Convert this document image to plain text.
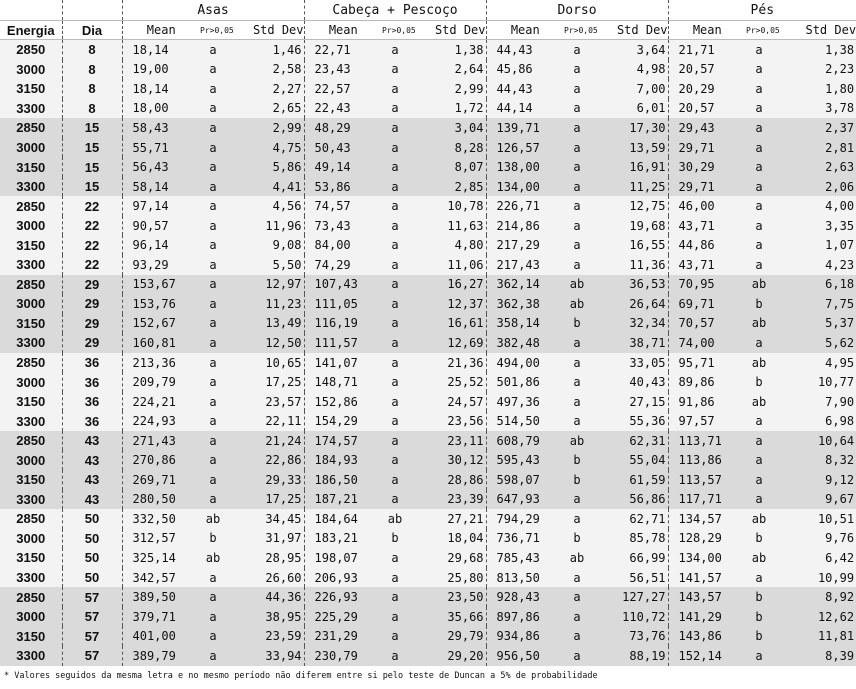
		Asas			Cabeça + Pescoço			Dorso			Pés		
Energia	Dia	Mean	Pr>0,05	Std Dev	Mean	Pr>0,05	Std Dev	Mean	Pr>0,05	Std Dev	Mean	Pr>0,05	Std Dev
2850	8	18,14	a	1,46	22,71	a	1,38	44,43	a	3,64	21,71	a	1,38
3000	8	19,00	a	2,58	23,43	a	2,64	45,86	a	4,98	20,57	a	2,23
3150	8	18,14	a	2,27	22,57	a	2,99	44,43	a	7,00	20,29	a	1,80
3300	8	18,00	a	2,65	22,43	a	1,72	44,14	a	6,01	20,57	a	3,78
2850	15	58,43	a	2,99	48,29	a	3,04	139,71	a	17,30	29,43	a	2,37
3000	15	55,71	a	4,75	50,43	a	8,28	126,57	a	13,59	29,71	a	2,81
3150	15	56,43	a	5,86	49,14	a	8,07	138,00	a	16,91	30,29	a	2,63
3300	15	58,14	a	4,41	53,86	a	2,85	134,00	a	11,25	29,71	a	2,06
2850	22	97,14	a	4,56	74,57	a	10,78	226,71	a	12,75	46,00	a	4,00
3000	22	90,57	a	11,96	73,43	a	11,63	214,86	a	19,68	43,71	a	3,35
3150	22	96,14	a	9,08	84,00	a	4,80	217,29	a	16,55	44,86	a	1,07
3300	22	93,29	a	5,50	74,29	a	11,06	217,43	a	11,36	43,71	a	4,23
2850	29	153,67	a	12,97	107,43	a	16,27	362,14	ab	36,53	70,95	ab	6,18
3000	29	153,76	a	11,23	111,05	a	12,37	362,38	ab	26,64	69,71	b	7,75
3150	29	152,67	a	13,49	116,19	a	16,61	358,14	b	32,34	70,57	ab	5,37
3300	29	160,81	a	12,50	111,57	a	12,69	382,48	a	38,71	74,00	a	5,62
2850	36	213,36	a	10,65	141,07	a	21,36	494,00	a	33,05	95,71	ab	4,95
3000	36	209,79	a	17,25	148,71	a	25,52	501,86	a	40,43	89,86	b	10,77
3150	36	224,21	a	23,57	152,86	a	24,57	497,36	a	27,15	91,86	ab	7,90
3300	36	224,93	a	22,11	154,29	a	23,56	514,50	a	55,36	97,57	a	6,98
2850	43	271,43	a	21,24	174,57	a	23,11	608,79	ab	62,31	113,71	a	10,64
3000	43	270,86	a	22,86	184,93	a	30,12	595,43	b	55,04	113,86	a	8,32
3150	43	269,71	a	29,33	186,50	a	28,86	598,07	b	61,59	113,57	a	9,12
3300	43	280,50	a	17,25	187,21	a	23,39	647,93	a	56,86	117,71	a	9,67
2850	50	332,50	ab	34,45	184,64	ab	27,21	794,29	a	62,71	134,57	ab	10,51
3000	50	312,57	b	31,97	183,21	b	18,04	736,71	b	85,78	128,29	b	9,76
3150	50	325,14	ab	28,95	198,07	a	29,68	785,43	ab	66,99	134,00	ab	6,42
3300	50	342,57	a	26,60	206,93	a	25,80	813,50	a	56,51	141,57	a	10,99
2850	57	389,50	a	44,36	226,93	a	23,50	928,43	a	127,27	143,57	b	8,92
3000	57	379,71	a	38,95	225,29	a	35,66	897,86	a	110,72	141,29	b	12,62
3150	57	401,00	a	23,59	231,29	a	29,79	934,86	a	73,76	143,86	b	11,81
3300	57	389,79	a	33,94	230,79	a	29,20	956,50	a	88,19	152,14	a	8,39
* Valores seguidos da mesma letra e no mesmo período não diferem entre si pelo teste de Duncan a 5% de probabilidade
